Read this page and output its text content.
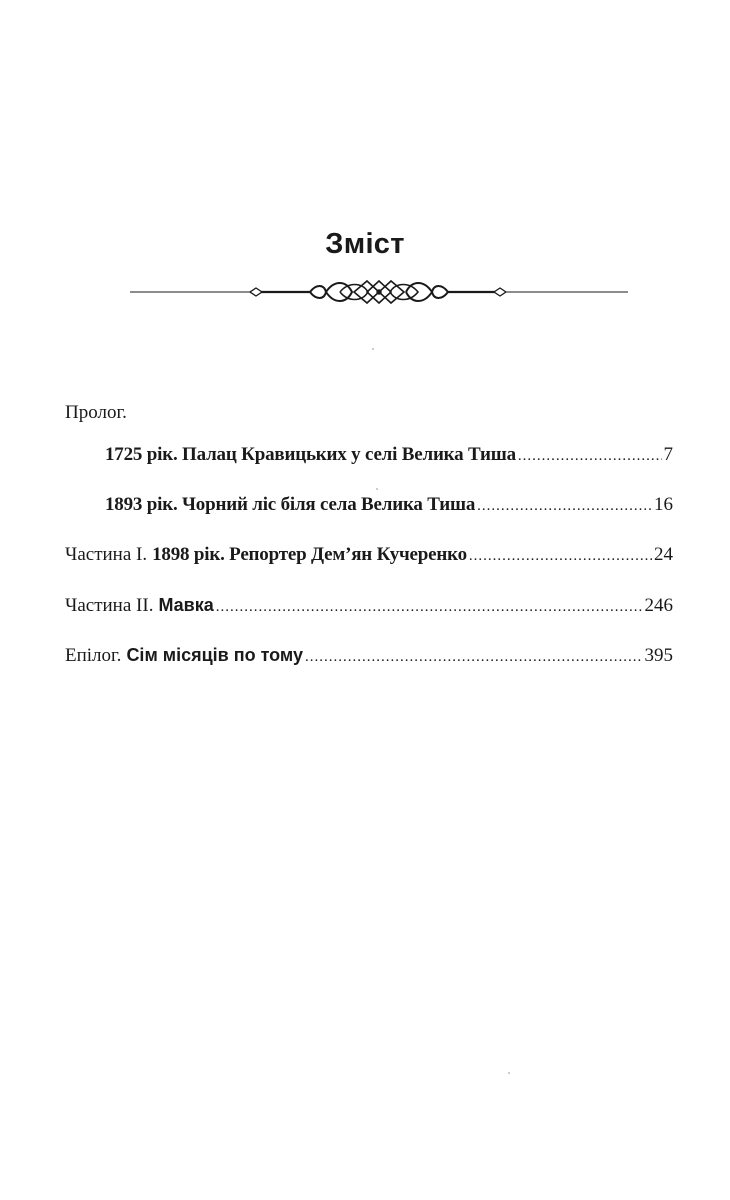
Зміст
Пролог.
1725 рік. Палац Кравицьких у селі Велика Тиша .....	7
1893 рік. Чорний ліс біля села Велика Тиша .....	16
Частина І. 1898 рік. Репортер Дем’ян Кучеренко .....	24
Частина ІІ. Мавка .....	246
Епілог. Сім місяців по тому .....	395
